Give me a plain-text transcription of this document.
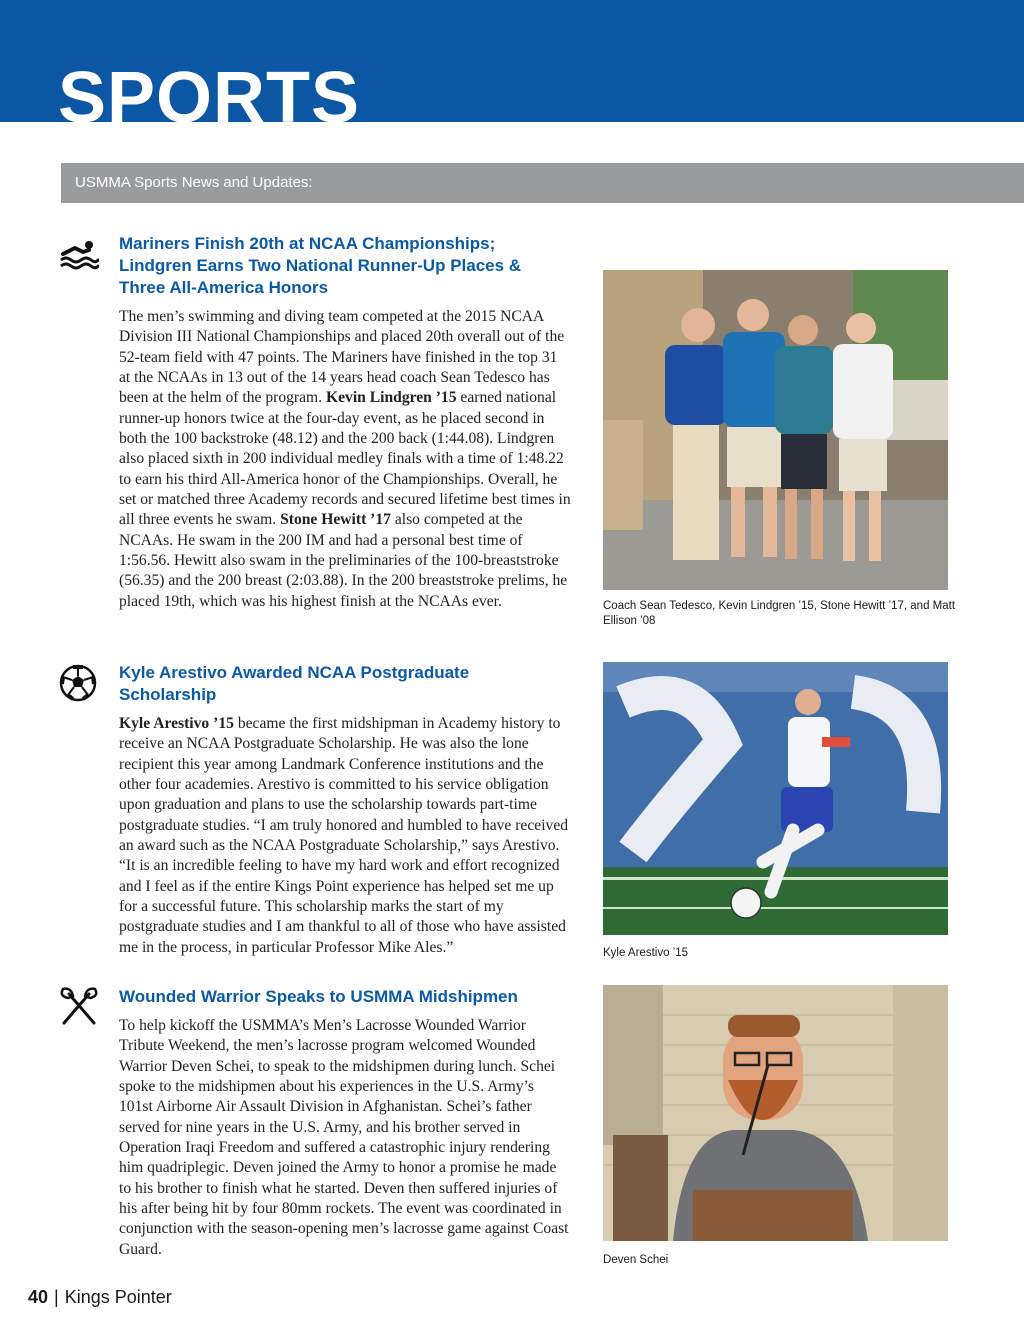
SPORTS
USMMA Sports News and Updates:
Mariners Finish 20th at NCAA Championships; Lindgren Earns Two National Runner-Up Places & Three All-America Honors

The men’s swimming and diving team competed at the 2015 NCAA Division III National Championships and placed 20th overall out of the 52-team field with 47 points. The Mariners have finished in the top 31 at the NCAAs in 13 out of the 14 years head coach Sean Tedesco has been at the helm of the program. Kevin Lindgren ’15 earned national runner-up honors twice at the four-day event, as he placed second in both the 100 backstroke (48.12) and the 200 back (1:44.08). Lindgren also placed sixth in 200 individual medley finals with a time of 1:48.22 to earn his third All-America honor of the Championships. Overall, he set or matched three Academy records and secured lifetime best times in all three events he swam. Stone Hewitt ’17 also competed at the NCAAs. He swam in the 200 IM and had a personal best time of 1:56.56. Hewitt also swam in the preliminaries of the 100-breaststroke (56.35) and the 200 breast (2:03.88). In the 200 breaststroke prelims, he placed 19th, which was his highest finish at the NCAAs ever.	Coach Sean Tedesco, Kevin Lindgren ’15, Stone Hewitt ’17, and Matt Ellison ’08
Kyle Arestivo Awarded NCAA Postgraduate Scholarship

Kyle Arestivo ’15 became the first midshipman in Academy history to receive an NCAA Postgraduate Scholarship. He was also the lone recipient this year among Landmark Conference institutions and the other four academies. Arestivo is committed to his service obligation upon graduation and plans to use the scholarship towards part-time postgraduate studies. “I am truly honored and humbled to have received an award such as the NCAA Postgraduate Scholarship,” says Arestivo. “It is an incredible feeling to have my hard work and effort recognized and I feel as if the entire Kings Point experience has helped set me up for a successful future. This scholarship marks the start of my postgraduate studies and I am thankful to all of those who have assisted me in the process, in particular Professor Mike Ales.”	Kyle Arestivo ’15
Wounded Warrior Speaks to USMMA Midshipmen

To help kickoff the USMMA’s Men’s Lacrosse Wounded Warrior Tribute Weekend, the men’s lacrosse program welcomed Wounded Warrior Deven Schei, to speak to the midshipmen during lunch. Schei spoke to the midshipmen about his experiences in the U.S. Army’s 101st Airborne Air Assault Division in Afghanistan. Schei’s father served for nine years in the U.S. Army, and his brother served in Operation Iraqi Freedom and suffered a catastrophic injury rendering him quadriplegic. Deven joined the Army to honor a promise he made to his brother to finish what he started. Deven then suffered injuries of his after being hit by four 80mm rockets. The event was coordinated in conjunction with the season-opening men’s lacrosse game against Coast Guard.

Deven Schei
40 | Kings Pointer
